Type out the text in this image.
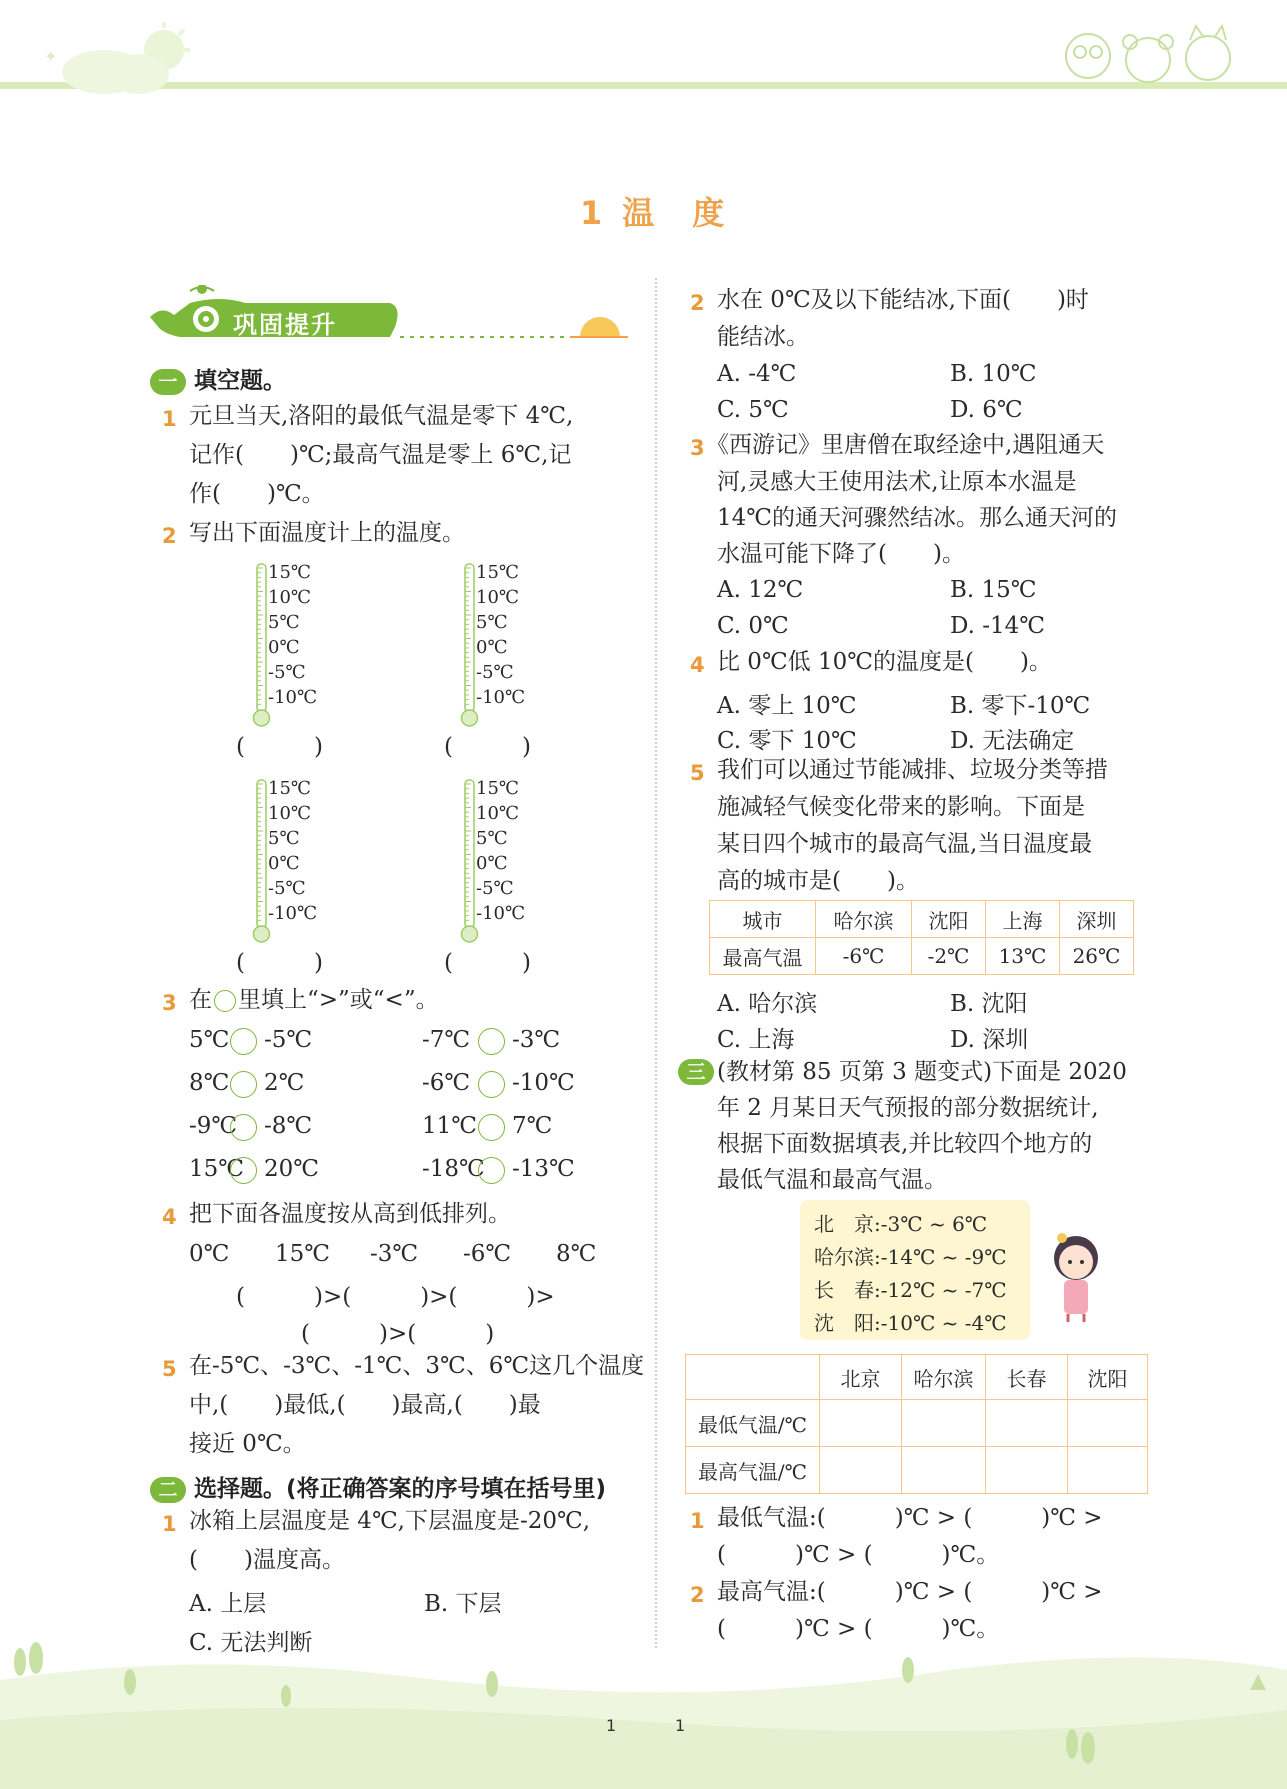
✦
1 温 度
巩固提升
一 填空题。
1 元旦当天,洛阳的最低气温是零下 4℃,
记作(　　)℃;最高气温是零上 6℃,记
作(　　)℃。
2 写出下面温度计上的温度。
15℃
10℃
5℃
0℃
-5℃
-10℃
(　　　)
15℃
10℃
5℃
0℃
-5℃
-10℃
(　　　)
15℃
10℃
5℃
0℃
-5℃
-10℃
(　　　)
15℃
10℃
5℃
0℃
-5℃
-10℃
(　　　)
3 在 里填上“>”或“<”。
5℃ -5℃	-7℃ -3℃
8℃ 2℃	-6℃ -10℃
-9℃ -8℃	11℃ 7℃
15℃ 20℃	-18℃ -13℃
4 把下面各温度按从高到低排列。
0℃ 15℃ -3℃ -6℃ 8℃
(　　　)>(　　　)>(　　　)>
(　　　)>(　　　)
5 在-5℃、-3℃、-1℃、3℃、6℃这几个温度
中,(　　)最低,(　　)最高,(　　)最
接近 0℃。
二 选择题。(将正确答案的序号填在括号里)
1 冰箱上层温度是 4℃,下层温度是-20℃,
(　　)温度高。
A. 上层	B. 下层
C. 无法判断
2 水在 0℃及以下能结冰,下面(　　)时
能结冰。
A. -4℃	B. 10℃
C. 5℃	D. 6℃
3 《西游记》里唐僧在取经途中,遇阻通天
河,灵感大王使用法术,让原本水温是
14℃的通天河骤然结冰。那么通天河的
水温可能下降了(　　)。
A. 12℃	B. 15℃
C. 0℃	D. -14℃
4 比 0℃低 10℃的温度是(　　)。
A. 零上 10℃	B. 零下-10℃
C. 零下 10℃	D. 无法确定
5 我们可以通过节能减排、垃圾分类等措
施减轻气候变化带来的影响。下面是
某日四个城市的最高气温,当日温度最
高的城市是(　　)。
城市	哈尔滨	沈阳	上海	深圳
最高气温	-6℃	-2℃	13℃	26℃
A. 哈尔滨	B. 沈阳
C. 上海	D. 深圳
三 (教材第 85 页第 3 题变式)下面是 2020
年 2 月某日天气预报的部分数据统计,
根据下面数据填表,并比较四个地方的
最低气温和最高气温。
北　京:-3℃ ~ 6℃
哈尔滨:-14℃ ~ -9℃
长　春:-12℃ ~ -7℃
沈　阳:-10℃ ~ -4℃
	北京	哈尔滨	长春	沈阳
最低气温/℃				
最高气温/℃				
1 最低气温:(　　　)℃ > (　　　)℃ >
(　　　)℃ > (　　　)℃。
2 最高气温:(　　　)℃ > (　　　)℃ >
(　　　)℃ > (　　　)℃。
1	1
